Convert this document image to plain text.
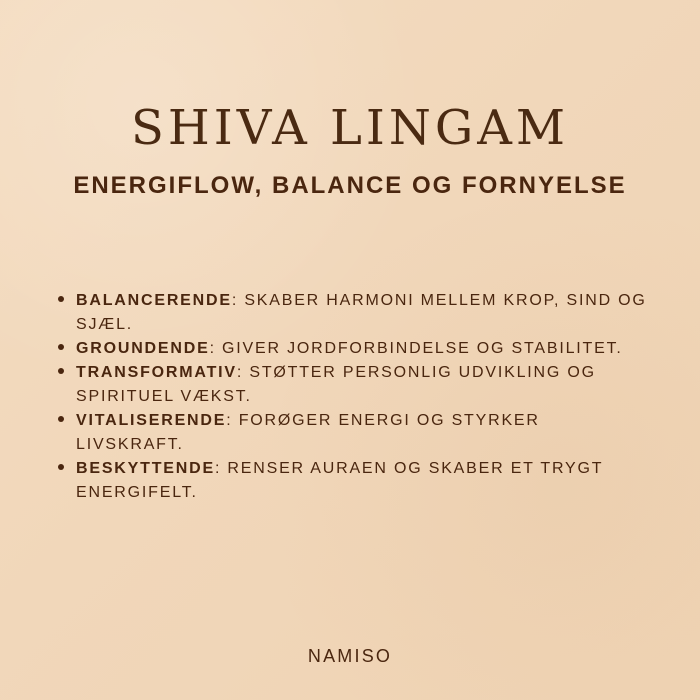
SHIVA LINGAM
ENERGIFLOW, BALANCE OG FORNYELSE
BALANCERENDE: SKABER HARMONI MELLEM KROP, SIND OG SJÆL.
GROUNDENDE: GIVER JORDFORBINDELSE OG STABILITET.
TRANSFORMATIV: STØTTER PERSONLIG UDVIKLING OG SPIRITUEL VÆKST.
VITALISERENDE: FORØGER ENERGI OG STYRKER LIVSKRAFT.
BESKYTTENDE: RENSER AURAEN OG SKABER ET TRYGT ENERGIFELT.
NAMISO
